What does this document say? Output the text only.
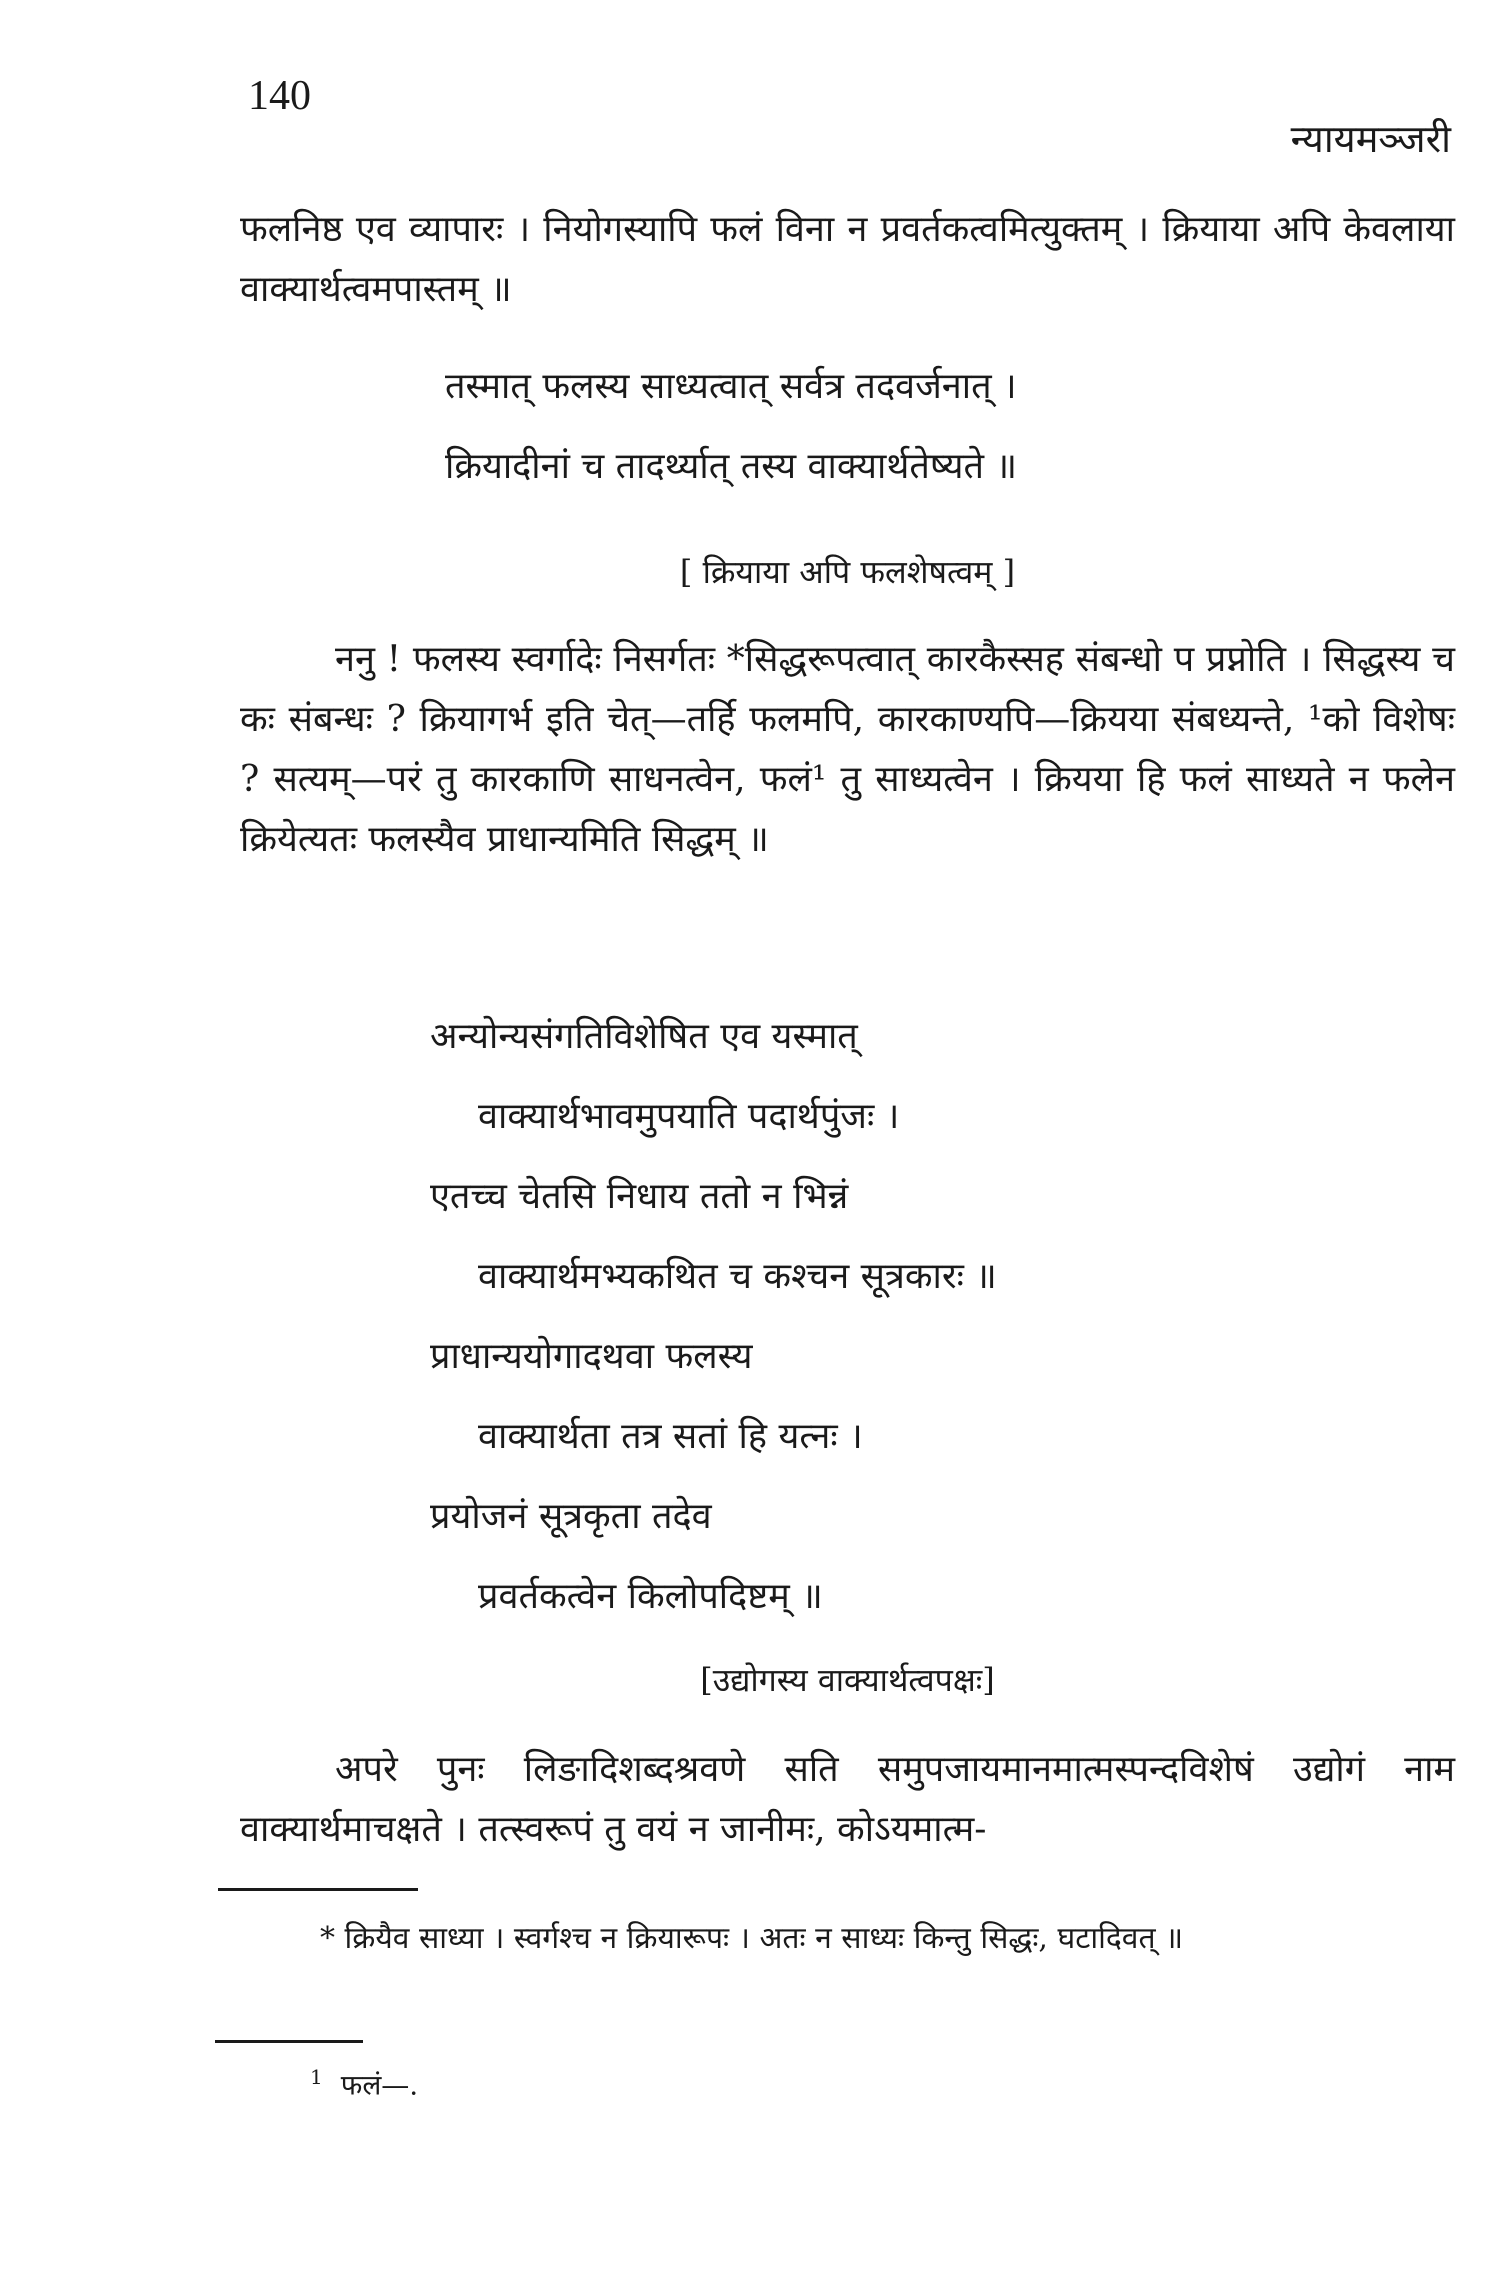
140
न्यायमञ्जरी

फलनिष्ठ एव व्यापारः । नियोगस्यापि फलं विना न प्रवर्तकत्वमित्युक्तम् । क्रियाया अपि केवलाया वाक्यार्थत्वमपास्तम् ॥

तस्मात् फलस्य साध्यत्वात् सर्वत्र तदवर्जनात् ।

क्रियादीनां च तादर्थ्यात् तस्य वाक्यार्थतेष्यते ॥

[ क्रियाया अपि फलशेषत्वम् ]

ननु ! फलस्य स्वर्गादेः निसर्गतः *सिद्धरूपत्वात् कारकैस्सह संबन्धो प प्रप्नोति । सिद्धस्य च कः संबन्धः ? क्रियागर्भ इति चेत्—तर्हि फलमपि, कारकाण्यपि—क्रियया संबध्यन्ते, ¹को विशेषः ? सत्यम्—परं तु कारकाणि साधनत्वेन, फलं¹ तु साध्यत्वेन । क्रियया हि फलं साध्यते न फलेन क्रियेत्यतः फलस्यैव प्राधान्यमिति सिद्धम् ॥

अन्योन्यसंगतिविशेषित एव यस्मात्

वाक्यार्थभावमुपयाति पदार्थपुंजः ।

एतच्च चेतसि निधाय ततो न भिन्नं

वाक्यार्थमभ्यकथित च कश्चन सूत्रकारः ॥

प्राधान्ययोगादथवा फलस्य

वाक्यार्थता तत्र सतां हि यत्नः ।

प्रयोजनं सूत्रकृता तदेव

प्रवर्तकत्वेन किलोपदिष्टम् ॥

[उद्योगस्य वाक्यार्थत्वपक्षः]

अपरे पुनः लिङादिशब्दश्रवणे सति समुपजायमानमात्मस्पन्दविशेषं उद्योगं नाम वाक्यार्थमाचक्षते । तत्स्वरूपं तु वयं न जानीमः, कोऽयमात्म-

* क्रियैव साध्या । स्वर्गश्च न क्रियारूपः । अतः न साध्यः किन्तु सिद्धः, घटादिवत् ॥

$^1$ फलं—.
